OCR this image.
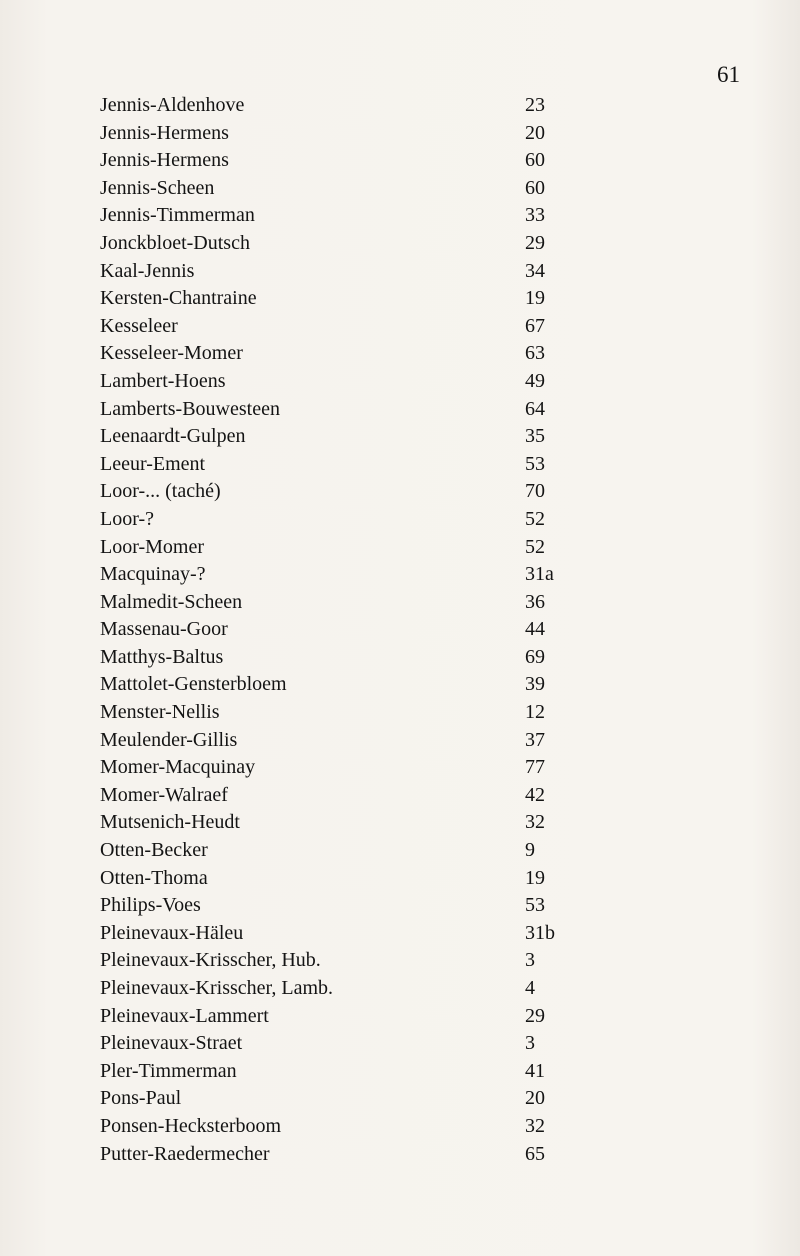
61
Jennis-Aldenhove	23
Jennis-Hermens	20
Jennis-Hermens	60
Jennis-Scheen	60
Jennis-Timmerman	33
Jonckbloet-Dutsch	29
Kaal-Jennis	34
Kersten-Chantraine	19
Kesseleer	67
Kesseleer-Momer	63
Lambert-Hoens	49
Lamberts-Bouwesteen	64
Leenaardt-Gulpen	35
Leeur-Ement	53
Loor-... (taché)	70
Loor-?	52
Loor-Momer	52
Macquinay-?	31a
Malmedit-Scheen	36
Massenau-Goor	44
Matthys-Baltus	69
Mattolet-Gensterbloem	39
Menster-Nellis	12
Meulender-Gillis	37
Momer-Macquinay	77
Momer-Walraef	42
Mutsenich-Heudt	32
Otten-Becker	9
Otten-Thoma	19
Philips-Voes	53
Pleinevaux-Häleu	31b
Pleinevaux-Krisscher, Hub.	3
Pleinevaux-Krisscher, Lamb.	4
Pleinevaux-Lammert	29
Pleinevaux-Straet	3
Pler-Timmerman	41
Pons-Paul	20
Ponsen-Hecksterboom	32
Putter-Raedermecher	65
